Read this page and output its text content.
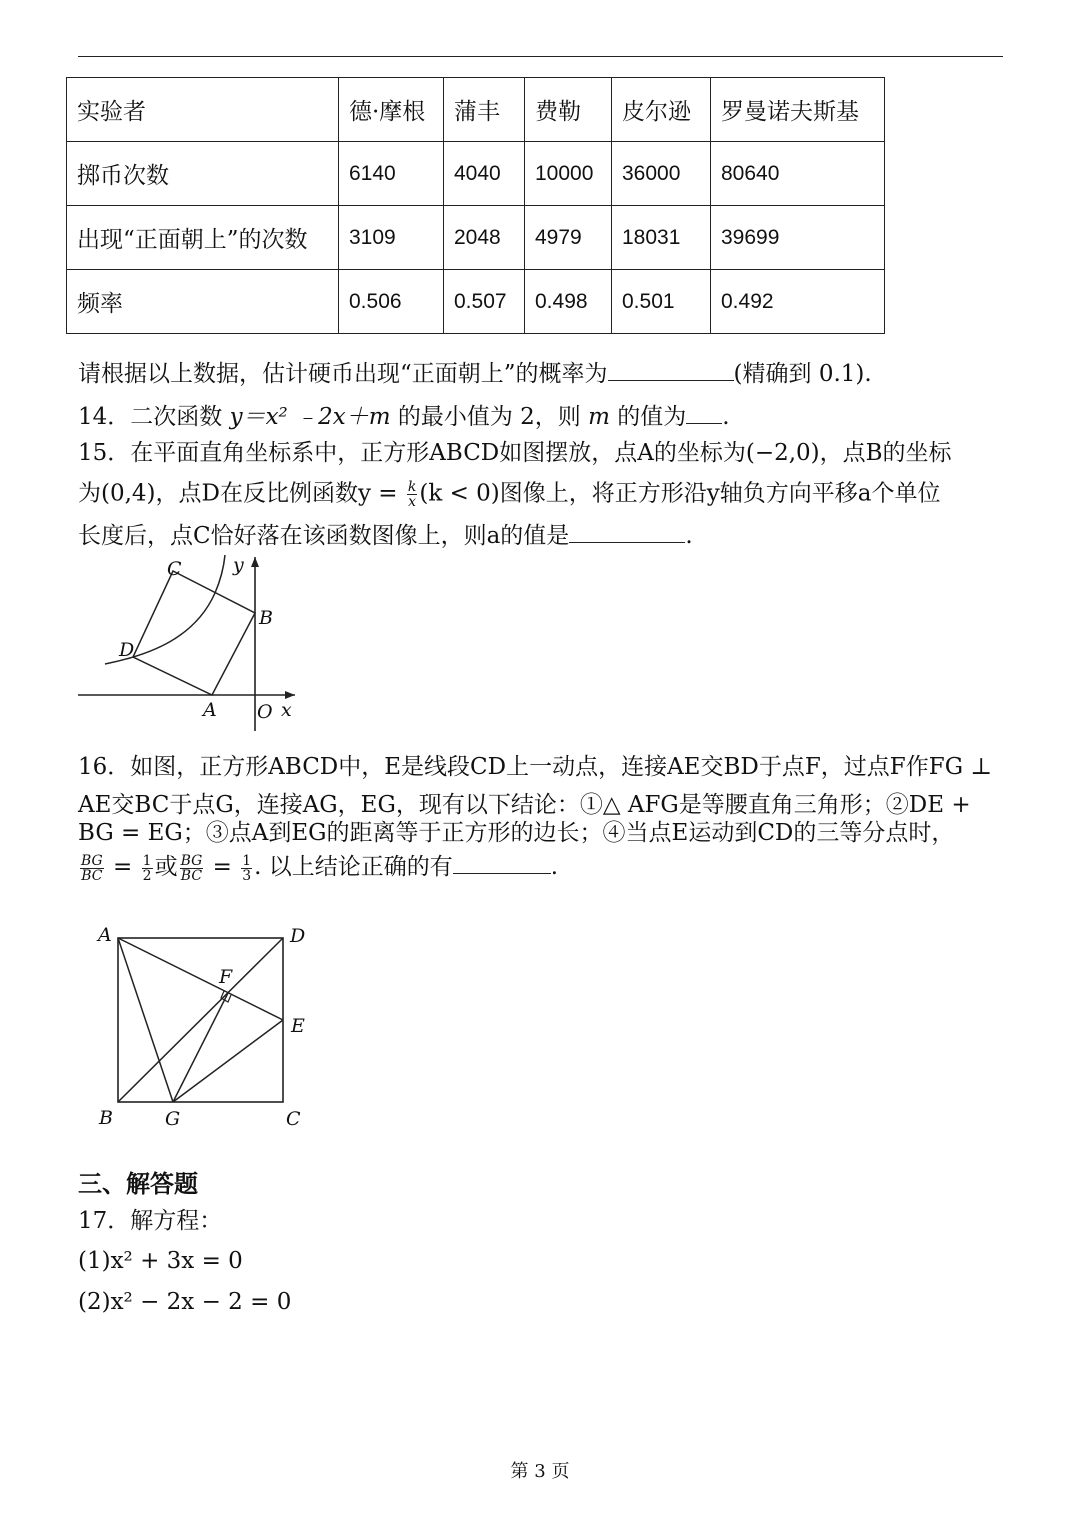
实验者	德·摩根	蒲丰	费勒	皮尔逊	罗曼诺夫斯基
掷币次数	6140	4040	10000	36000	80640
出现“正面朝上”的次数	3109	2048	4979	18031	39699
频率	0.506	0.507	0.498	0.501	0.492
请根据以上数据，估计硬币出现“正面朝上”的概率为	(精确到 0.1).
14．二次函数 y＝x² ﹣2x＋m 的最小值为 2，则 m 的值为 .
15．在平面直角坐标系中，正方形ABCD如图摆放，点A的坐标为(−2,0)，点B的坐标
为(0,4)，点D在反比例函数$y = \frac{k}{x} (k < 0)$图像上，将正方形沿y轴负方向平移a个单位
长度后，点C恰好落在该函数图像上，则a的值是	.
C
D
B
A O x
y
16．如图，正方形ABCD中，E是线段CD上一动点，连接AE交BD于点F，过点F作FG ⊥
AE交BC于点G，连接AG，EG，现有以下结论：①△ AFG是等腰直角三角形；②DE +
BG = EG；③点A到EG的距离等于正方形的边长；④当点E运动到CD的三等分点时，
$\frac{BG}{BC} = \frac{1}{2}$ 或 $\frac{BG}{BC} = \frac{1}{3}$ . 以上结论正确的有	.
A	D
F
E
B	G	C
三、解答题
17．解方程：
(1)x² + 3x = 0
(2)x² − 2x − 2 = 0
第 3 页
